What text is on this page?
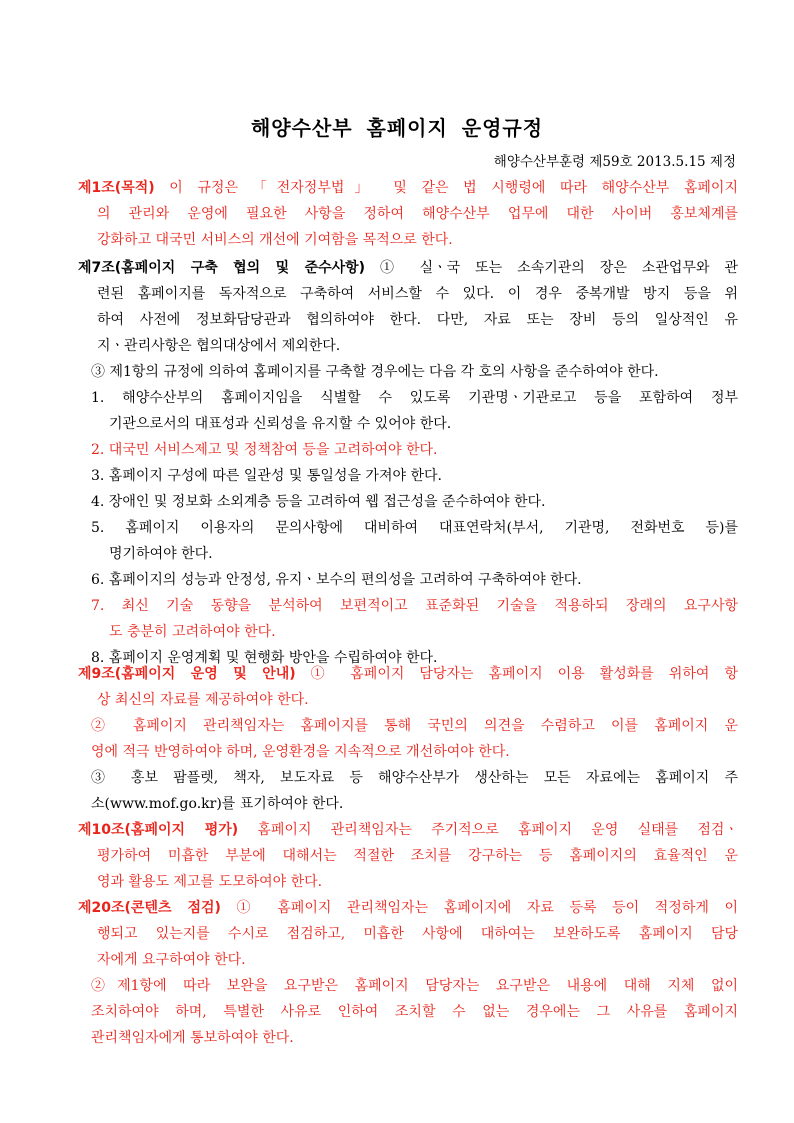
해양수산부 홈페이지 운영규정
해양수산부훈령 제59호 2013.5.15 제정
제1조(목적) 이 규정은 「전자정부법」 및 같은 법 시행령에 따라 해양수산부 홈페이지
의 관리와 운영에 필요한 사항을 정하여 해양수산부 업무에 대한 사이버 홍보체계를
강화하고 대국민 서비스의 개선에 기여함을 목적으로 한다.
제7조(홈페이지 구축 협의 및 준수사항) ① 실ㆍ국 또는 소속기관의 장은 소관업무와 관
련된 홈페이지를 독자적으로 구축하여 서비스할 수 있다. 이 경우 중복개발 방지 등을 위
하여 사전에 정보화담당관과 협의하여야 한다. 다만, 자료 또는 장비 등의 일상적인 유
지ㆍ관리사항은 협의대상에서 제외한다.
③ 제1항의 규정에 의하여 홈페이지를 구축할 경우에는 다음 각 호의 사항을 준수하여야 한다.
1. 해양수산부의 홈페이지임을 식별할 수 있도록 기관명ㆍ기관로고 등을 포함하여 정부
기관으로서의 대표성과 신뢰성을 유지할 수 있어야 한다.
2. 대국민 서비스제고 및 정책참여 등을 고려하여야 한다.
3. 홈페이지 구성에 따른 일관성 및 통일성을 가져야 한다.
4. 장애인 및 정보화 소외계층 등을 고려하여 웹 접근성을 준수하여야 한다.
5. 홈페이지 이용자의 문의사항에 대비하여 대표연락처(부서, 기관명, 전화번호 등)를
명기하여야 한다.
6. 홈페이지의 성능과 안정성, 유지ㆍ보수의 편의성을 고려하여 구축하여야 한다.
7. 최신 기술 동향을 분석하여 보편적이고 표준화된 기술을 적용하되 장래의 요구사항
도 충분히 고려하여야 한다.
8. 홈페이지 운영계획 및 현행화 방안을 수립하여야 한다.
제9조(홈페이지 운영 및 안내) ① 홈페이지 담당자는 홈페이지 이용 활성화를 위하여 항
상 최신의 자료를 제공하여야 한다.
② 홈페이지 관리책임자는 홈페이지를 통해 국민의 의견을 수렴하고 이를 홈페이지 운
영에 적극 반영하여야 하며, 운영환경을 지속적으로 개선하여야 한다.
③ 홍보 팜플렛, 책자, 보도자료 등 해양수산부가 생산하는 모든 자료에는 홈페이지 주
소(www.mof.go.kr)를 표기하여야 한다.
제10조(홈페이지 평가) 홈페이지 관리책임자는 주기적으로 홈페이지 운영 실태를 점검ㆍ
평가하여 미흡한 부분에 대해서는 적절한 조치를 강구하는 등 홈페이지의 효율적인 운
영과 활용도 제고를 도모하여야 한다.
제20조(콘텐츠 점검) ① 홈페이지 관리책임자는 홈페이지에 자료 등록 등이 적정하게 이
행되고 있는지를 수시로 점검하고, 미흡한 사항에 대하여는 보완하도록 홈페이지 담당
자에게 요구하여야 한다.
②제1항에 따라 보완을 요구받은 홈페이지 담당자는 요구받은 내용에 대해 지체 없이
조치하여야 하며, 특별한 사유로 인하여 조치할 수 없는 경우에는 그 사유를 홈페이지
관리책임자에게 통보하여야 한다.
